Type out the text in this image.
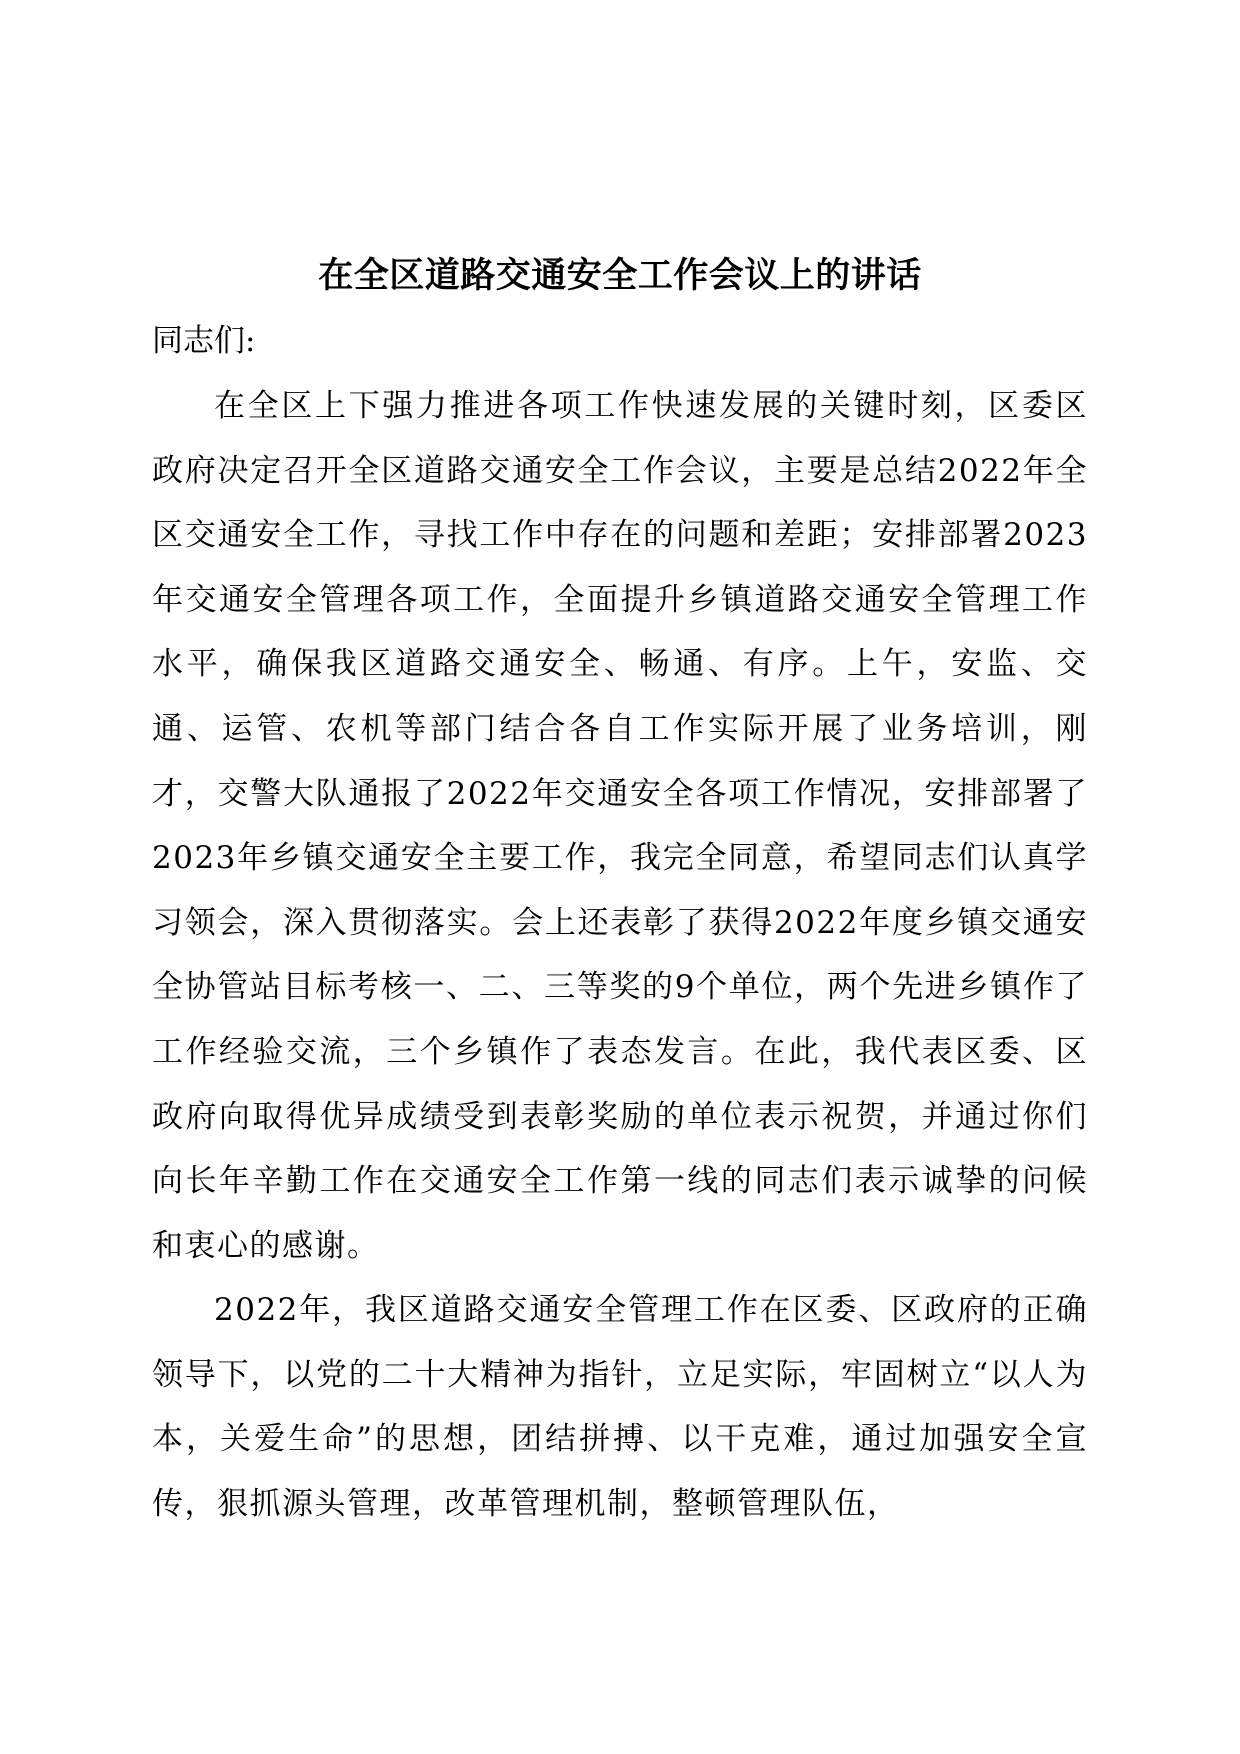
在全区道路交通安全工作会议上的讲话
同志们:

在全区上下强力推进各项工作快速发展的关键时刻，区委区政府决定召开全区道路交通安全工作会议，主要是总结2022年全区交通安全工作，寻找工作中存在的问题和差距；安排部署2023年交通安全管理各项工作，全面提升乡镇道路交通安全管理工作水平，确保我区道路交通安全、畅通、有序。上午，安监、交通、运管、农机等部门结合各自工作实际开展了业务培训，刚才，交警大队通报了2022年交通安全各项工作情况，安排部署了2023年乡镇交通安全主要工作，我完全同意，希望同志们认真学习领会，深入贯彻落实。会上还表彰了获得2022年度乡镇交通安全协管站目标考核一、二、三等奖的9个单位，两个先进乡镇作了工作经验交流，三个乡镇作了表态发言。在此，我代表区委、区政府向取得优异成绩受到表彰奖励的单位表示祝贺，并通过你们向长年辛勤工作在交通安全工作第一线的同志们表示诚挚的问候和衷心的感谢。

2022年，我区道路交通安全管理工作在区委、区政府的正确领导下，以党的二十大精神为指针，立足实际，牢固树立“以人为本，关爱生命”的思想，团结拼搏、以干克难，通过加强安全宣传，狠抓源头管理，改革管理机制，整顿管理队伍，
